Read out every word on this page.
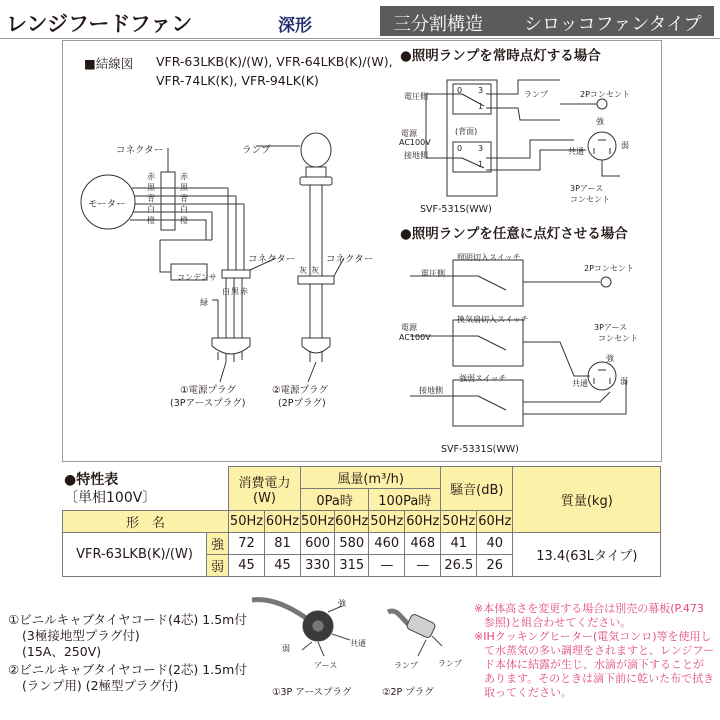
レンジフードファン	深形	三分割構造 シロッコファンタイプ
■結線図 VFR-63LKB(K)/(W), VFR-64LKB(K)/(W),
VFR-74LK(K), VFR-94LK(K)
コネクター
モーター
赤
黒
青
白
橙
赤
黒
青
白
橙
コンデンサ
コネクター
白 黒 赤
緑
ランプ
灰 灰
コネクター
①電源プラグ
(3Pアースプラグ)
②電源プラグ
(2Pプラグ)
●照明ランプを常時点灯する場合
電圧側
電源
AC100V
接地側
(背面)
ランプ	2Pコンセント
強
共通
弱
3Pアース
コンセント
SVF-531S(WW)
0 3
1
0 3
1
●照明ランプを任意に点灯させる場合
照明切入スイッチ
電圧側
2Pコンセント
換気扇切入スイッチ
電源
AC100V
3Pアース
コンセント
強
共通	弱
強弱スイッチ
接地側
SVF-5331S(WW)
●特性表
〔単相100V〕
		消費電力(W)		風量(m³/h)				騒音(dB)		質量(kg)
				0Pa時		100Pa時				
形　名		50Hz	60Hz	50Hz	60Hz	50Hz	60Hz	50Hz	60Hz	
VFR-63LKB(K)/(W)	強	72	81	600	580	460	468	41	40	13.4(63Lタイプ)
	弱	45	45	330	315	—	—	26.5	26	
①ビニルキャブタイヤコード(4芯) 1.5m付
(3極接地型プラグ付)
(15A、250V)
②ビニルキャブタイヤコード(2芯) 1.5m付
(ランプ用) (2極型プラグ付)
強
弱
共通
アース
①3P アースプラグ
ランプ	ランプ
②2P プラグ
※本体高さを変更する場合は別売の幕板(P.473
参照)と組合わせてください。
※IHクッキングヒーター(電気コンロ)等を使用し
て水蒸気の多い調理をされますと、レンジフー
ド本体に結露が生じ、水滴が滴下することが
あります。そのときは滴下前に乾いた布で拭き
取ってください。
